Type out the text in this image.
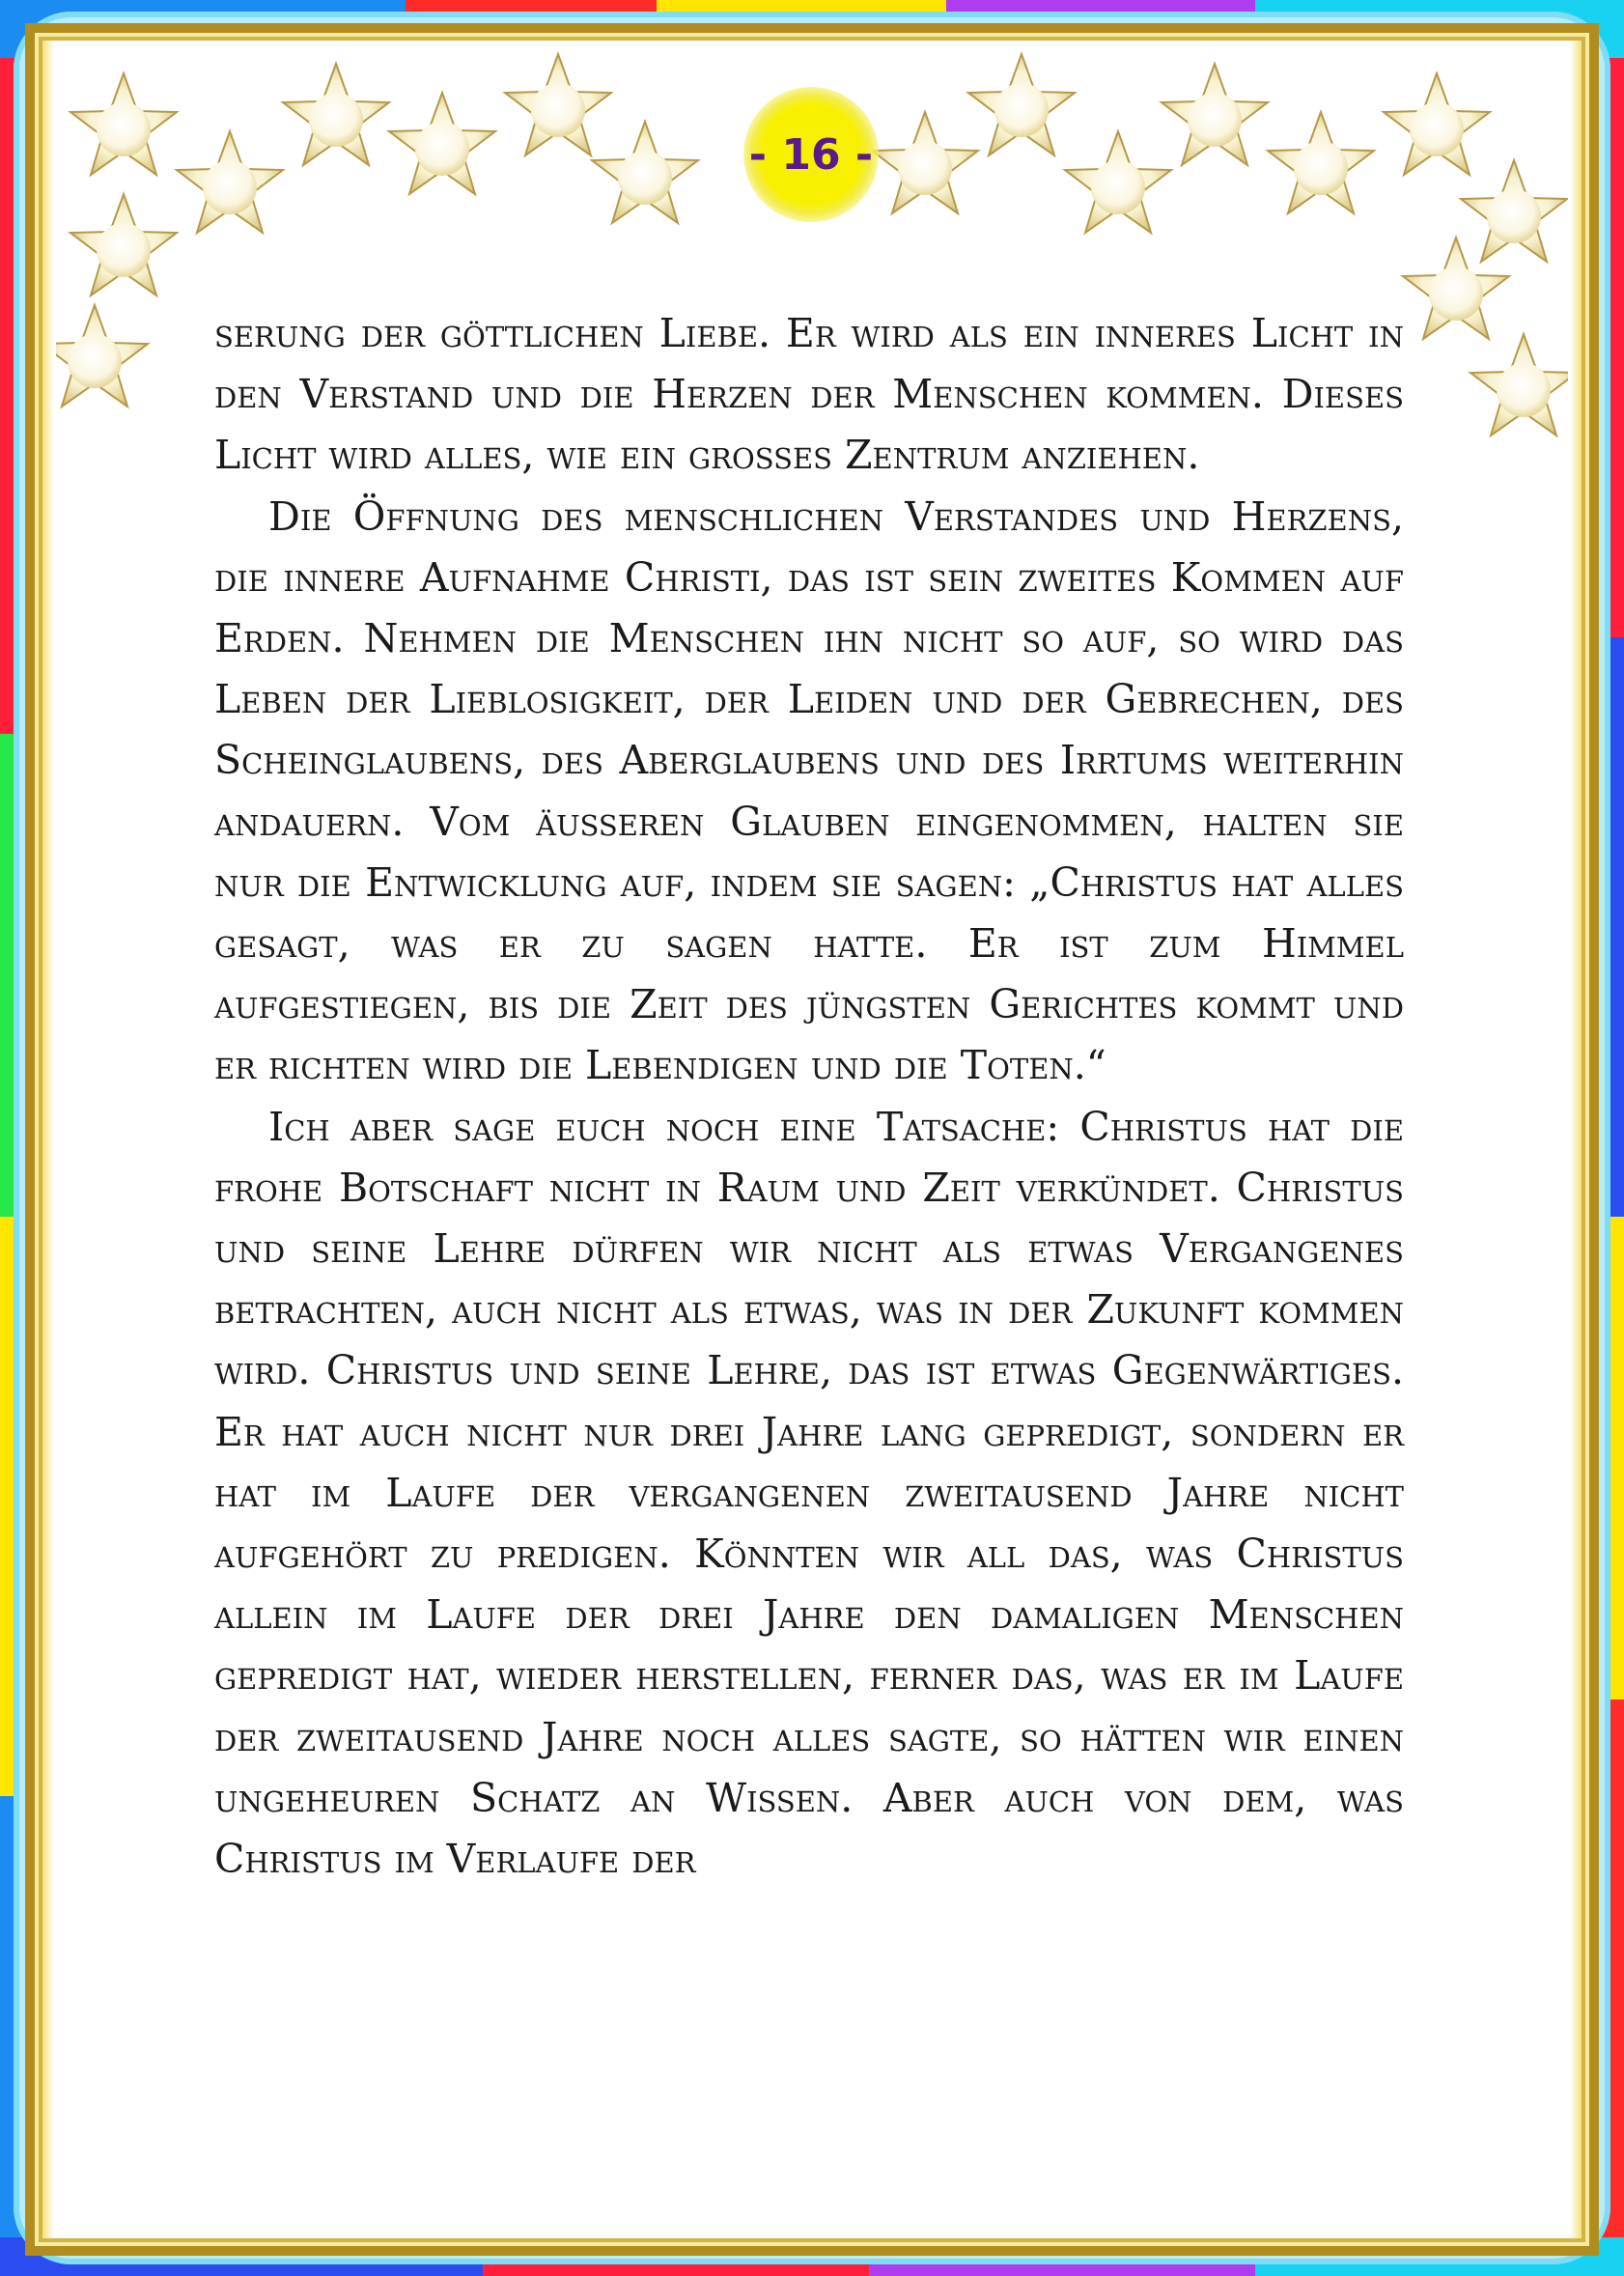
- 16 -

serung der göttlichen Liebe. Er wird als ein inneres Licht in den Verstand und die Herzen der Menschen kommen. Dieses Licht wird alles, wie ein grosses Zentrum anziehen.

Die Öffnung des menschlichen Verstandes und Herzens, die innere Aufnahme Christi, das ist sein zweites Kommen auf Erden. Nehmen die Menschen ihn nicht so auf, so wird das Leben der Lieblosigkeit, der Leiden und der Gebrechen, des Scheinglaubens, des Aberglaubens und des Irrtums weiterhin andauern. Vom äusseren Glauben eingenommen, halten sie nur die Entwicklung auf, indem sie sagen: „Christus hat alles gesagt, was er zu sagen hatte. Er ist zum Himmel aufgestiegen, bis die Zeit des jüngsten Gerichtes kommt und er richten wird die Lebendigen und die Toten.“

Ich aber sage euch noch eine Tatsache: Christus hat die frohe Botschaft nicht in Raum und Zeit verkündet. Christus und seine Lehre dürfen wir nicht als etwas Vergangenes betrachten, auch nicht als etwas, was in der Zukunft kommen wird. Christus und seine Lehre, das ist etwas Gegenwärtiges. Er hat auch nicht nur drei Jahre lang gepredigt, sondern er hat im Laufe der vergangenen zweitausend Jahre nicht aufgehört zu predigen. Könnten wir all das, was Christus allein im Laufe der drei Jahre den damaligen Menschen gepredigt hat, wieder herstellen, ferner das, was er im Laufe der zweitausend Jahre noch alles sagte, so hätten wir einen ungeheuren Schatz an Wissen. Aber auch von dem, was Christus im Verlaufe der
